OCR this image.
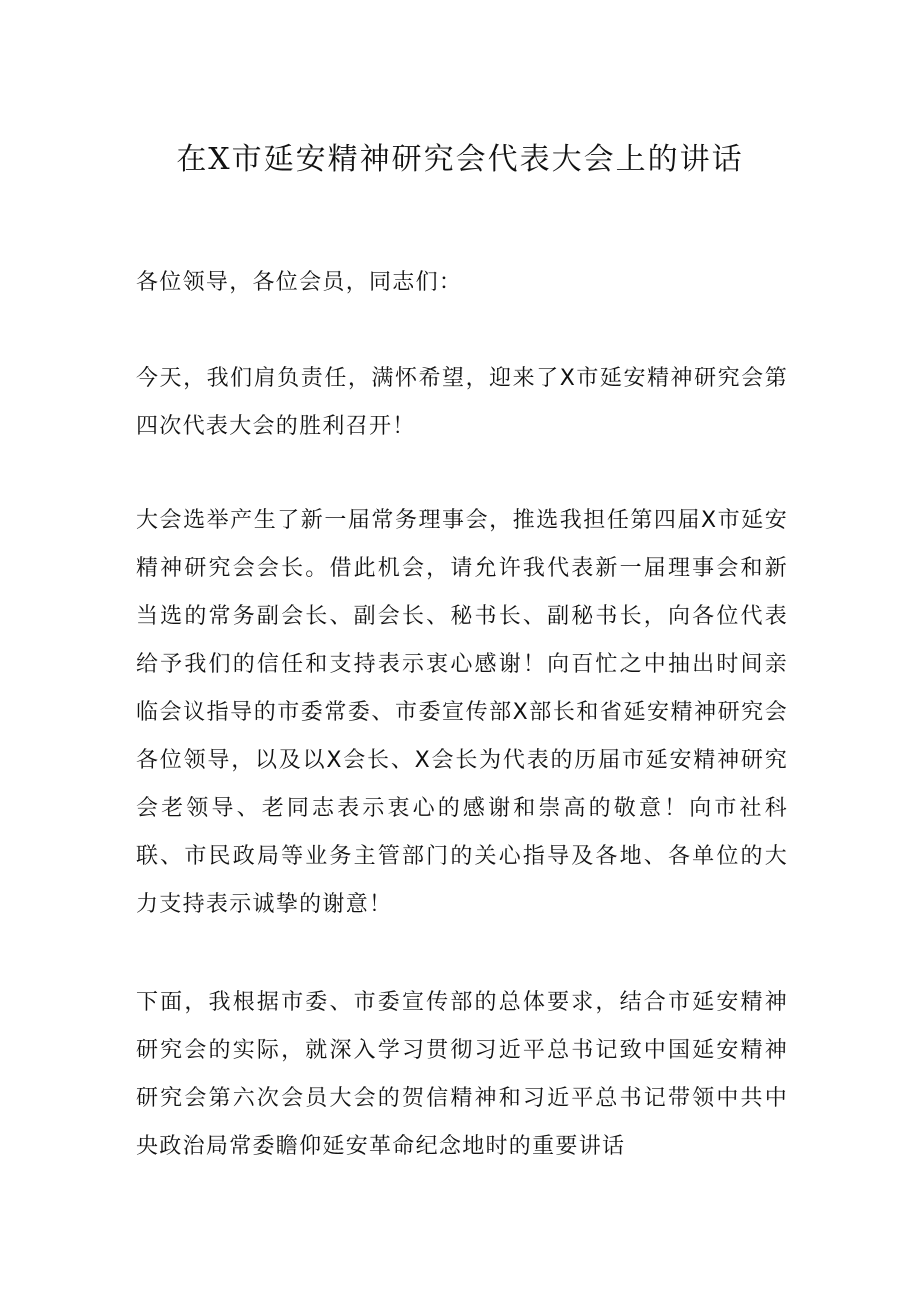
在X市延安精神研究会代表大会上的讲话

各位领导，各位会员，同志们：

今天，我们肩负责任，满怀希望，迎来了X市延安精神研究会第四次代表大会的胜利召开！

大会选举产生了新一届常务理事会，推选我担任第四届X市延安精神研究会会长。借此机会，请允许我代表新一届理事会和新当选的常务副会长、副会长、秘书长、副秘书长，向各位代表给予我们的信任和支持表示衷心感谢！向百忙之中抽出时间亲临会议指导的市委常委、市委宣传部X部长和省延安精神研究会各位领导，以及以X会长、X会长为代表的历届市延安精神研究会老领导、老同志表示衷心的感谢和崇高的敬意！向市社科联、市民政局等业务主管部门的关心指导及各地、各单位的大力支持表示诚挚的谢意！

下面，我根据市委、市委宣传部的总体要求，结合市延安精神研究会的实际，就深入学习贯彻习近平总书记致中国延安精神研究会第六次会员大会的贺信精神和习近平总书记带领中共中央政治局常委瞻仰延安革命纪念地时的重要讲话
